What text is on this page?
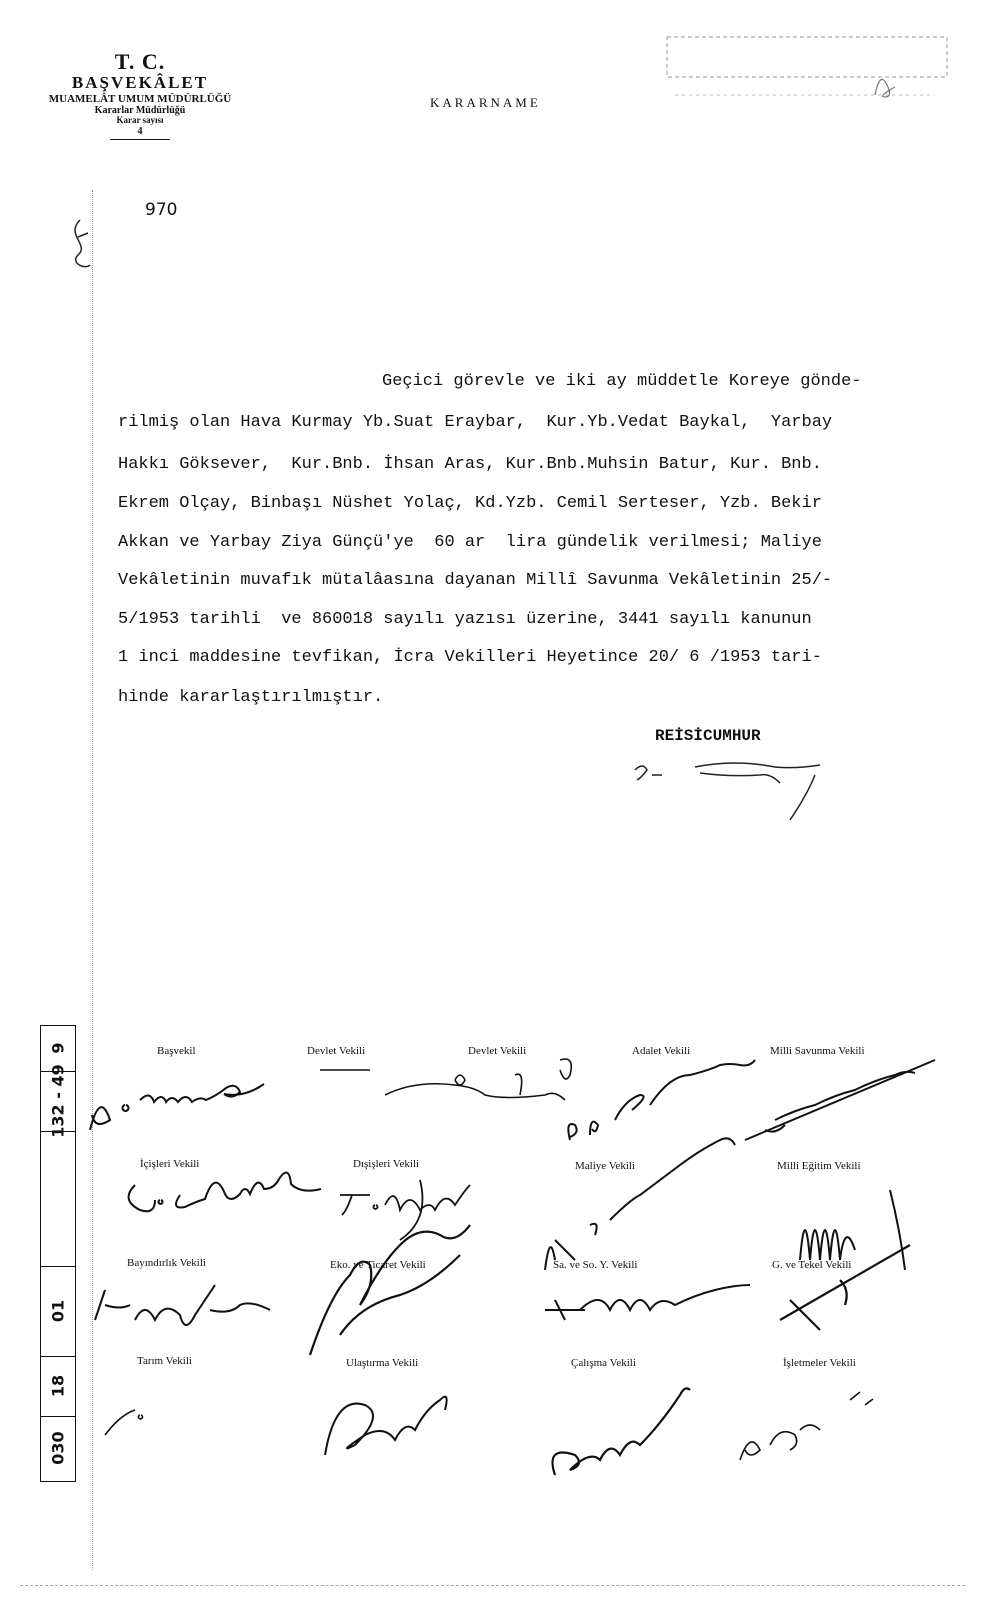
T. C.
BAŞVEKÂLET
MUAMELÂT UMUM MÜDÜRLÜĞÜ
Kararlar Müdürlüğü
Karar sayısı
4
KARARNAME
970
Geçici görevle ve iki ay müddetle Koreye gönde-
rilmiş olan Hava Kurmay Yb.Suat Eraybar,  Kur.Yb.Vedat Baykal,  Yarbay
Hakkı Göksever,  Kur.Bnb. İhsan Aras, Kur.Bnb.Muhsin Batur, Kur. Bnb.
Ekrem Olçay, Binbaşı Nüshet Yolaç, Kd.Yzb. Cemil Serteser, Yzb. Bekir
Akkan ve Yarbay Ziya Günçü'ye  60 ar  lira gündelik verilmesi; Maliye
Vekâletinin muvafık mütalâasına dayanan Millî Savunma Vekâletinin 25/-
5/1953 tarihli  ve 860018 sayılı yazısı üzerine, 3441 sayılı kanunun
1 inci maddesine tevfikan, İcra Vekilleri Heyetince 20/ 6 /1953 tari-
hinde kararlaştırılmıştır.
REİSİCUMHUR
9
132 - 49
01
18
030
Başvekil	Devlet Vekili	Devlet Vekili	Adalet Vekili	Milli Savunma Vekili
İçişleri Vekili	Dışişleri Vekili	Maliye Vekili	Milli Eğitim Vekili
Bayındırlık Vekili	Eko. ve Ticaret Vekili	Sa. ve So. Y. Vekili	G. ve Tekel Vekili
Tarım Vekili	Ulaştırma Vekili	Çalışma Vekili	İşletmeler Vekili
